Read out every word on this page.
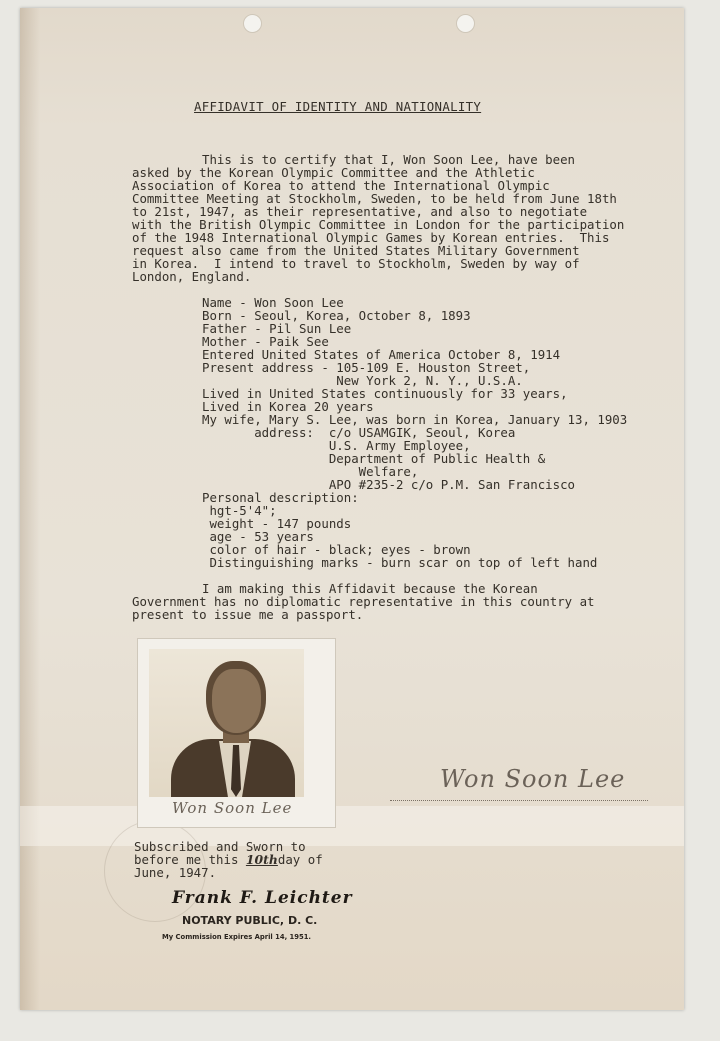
AFFIDAVIT OF IDENTITY AND NATIONALITY

This is to certify that I, Won Soon Lee, have been

asked by the Korean Olympic Committee and the Athletic

Association of Korea to attend the International Olympic

Committee Meeting at Stockholm, Sweden, to be held from June 18th

to 21st, 1947, as their representative, and also to negotiate

with the British Olympic Committee in London for the participation

of the 1948 International Olympic Games by Korean entries.  This

request also came from the United States Military Government

in Korea.  I intend to travel to Stockholm, Sweden by way of

London, England.

Name - Won Soon Lee

Born - Seoul, Korea, October 8, 1893

Father - Pil Sun Lee

Mother - Paik See

Entered United States of America October 8, 1914

Present address - 105-109 E. Houston Street,

New York 2, N. Y., U.S.A.

Lived in United States continuously for 33 years,

Lived in Korea 20 years

My wife, Mary S. Lee, was born in Korea, January 13, 1903

address:  c/o USAMGIK, Seoul, Korea

U.S. Army Employee,

Department of Public Health &

Welfare,

APO #235-2 c/o P.M. San Francisco

Personal description:

hgt-5'4";

weight - 147 pounds

age - 53 years

color of hair - black; eyes - brown

Distinguishing marks - burn scar on top of left hand

I am making this Affidavit because the Korean

Government has no diplomatic representative in this country at

present to issue me a passport.

Won Soon Lee
Won Soon Lee

Subscribed and Sworn to

before me this 10thday of

June, 1947.

Frank F. Leichter
NOTARY PUBLIC, D. C.
My Commission Expires April 14, 1951.
